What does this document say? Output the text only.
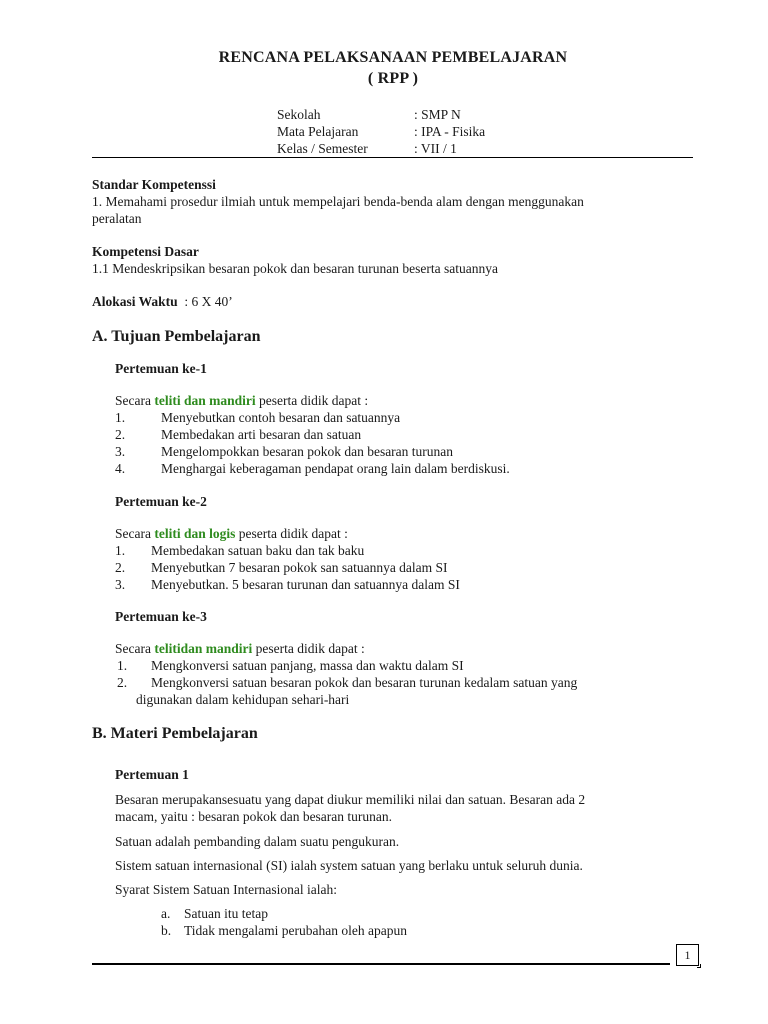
RENCANA PELAKSANAAN PEMBELAJARAN
( RPP )
Sekolah	: SMP N
Mata Pelajaran	: IPA - Fisika
Kelas / Semester	: VII / 1
Standar Kompetenssi
1. Memahami prosedur ilmiah untuk mempelajari benda-benda alam dengan menggunakan
peralatan
Kompetensi Dasar
1.1 Mendeskripsikan besaran pokok dan besaran turunan beserta satuannya
Alokasi Waktu  : 6 X 40’
A. Tujuan Pembelajaran
Pertemuan ke-1
Secara teliti dan mandiri peserta didik dapat :
1.	Menyebutkan contoh besaran dan satuannya
2.	Membedakan arti besaran dan satuan
3.	Mengelompokkan besaran pokok dan besaran turunan
4.	Menghargai keberagaman pendapat orang lain dalam berdiskusi.
Pertemuan ke-2
Secara teliti dan logis peserta didik dapat :
1. Membedakan satuan baku dan tak baku
2. Menyebutkan 7 besaran pokok san satuannya dalam SI
3. Menyebutkan. 5 besaran turunan dan satuannya dalam SI
Pertemuan ke-3
Secara telitidan mandiri peserta didik dapat :
1. Mengkonversi satuan panjang, massa dan waktu dalam SI
2. Mengkonversi satuan besaran pokok dan besaran turunan kedalam satuan yang
digunakan dalam kehidupan sehari-hari
B. Materi Pembelajaran
Pertemuan 1
Besaran merupakansesuatu yang dapat diukur memiliki nilai dan satuan. Besaran ada 2
macam, yaitu : besaran pokok dan besaran turunan.
Satuan adalah pembanding dalam suatu pengukuran.
Sistem satuan internasional (SI) ialah system satuan yang berlaku untuk seluruh dunia.
Syarat Sistem Satuan Internasional ialah:
a. Satuan itu tetap
b. Tidak mengalami perubahan oleh apapun
1
